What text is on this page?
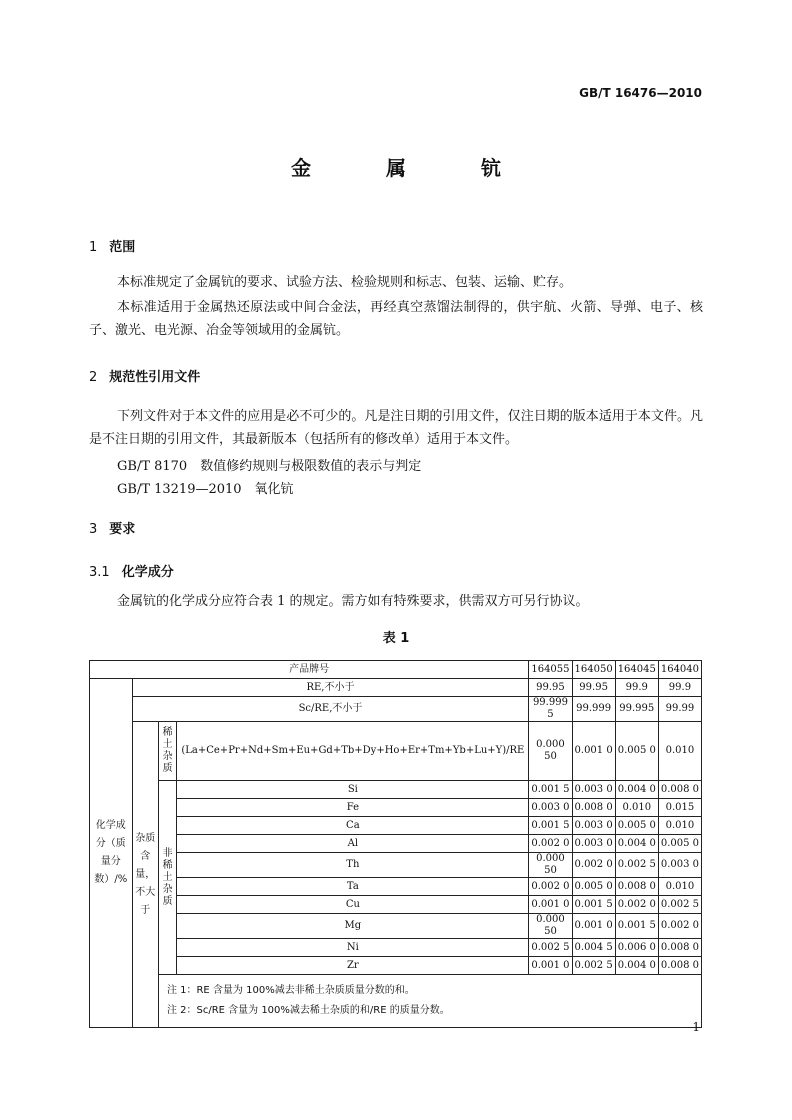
GB/T 16476—2010
金 属 钪
1 范围
本标准规定了金属钪的要求、试验方法、检验规则和标志、包装、运输、贮存。
本标准适用于金属热还原法或中间合金法，再经真空蒸馏法制得的，供宇航、火箭、导弹、电子、核子、激光、电光源、冶金等领域用的金属钪。
2 规范性引用文件
下列文件对于本文件的应用是必不可少的。凡是注日期的引用文件，仅注日期的版本适用于本文件。凡是不注日期的引用文件，其最新版本（包括所有的修改单）适用于本文件。
GB/T 8170　数值修约规则与极限数值的表示与判定
GB/T 13219—2010　氧化钪
3 要求
3.1 化学成分
金属钪的化学成分应符合表 1 的规定。需方如有特殊要求，供需双方可另行协议。
表 1
产品牌号				164055	164050	164045	164040
化学成分（质量分数）/%	RE,不小于			99.95	99.95	99.9	99.9
	Sc/RE,不小于			99.999 5	99.999	99.995	99.99
	杂质含量，不大于	稀土杂质	(La+Ce+Pr+Nd+Sm+Eu+Gd+Tb+Dy+Ho+Er+Tm+Yb+Lu+Y)/RE	0.000 50	0.001 0	0.005 0	0.010
		非稀土杂质	Si	0.001 5	0.003 0	0.004 0	0.008 0
			Fe	0.003 0	0.008 0	0.010	0.015
			Ca	0.001 5	0.003 0	0.005 0	0.010
			Al	0.002 0	0.003 0	0.004 0	0.005 0
			Th	0.000 50	0.002 0	0.002 5	0.003 0
			Ta	0.002 0	0.005 0	0.008 0	0.010
			Cu	0.001 0	0.001 5	0.002 0	0.002 5
			Mg	0.000 50	0.001 0	0.001 5	0.002 0
			Ni	0.002 5	0.004 5	0.006 0	0.008 0
			Zr	0.001 0	0.002 5	0.004 0	0.008 0

		注 1：RE 含量为 100%减去非稀土杂质质量分数的和。
注 2：Sc/RE 含量为 100%减去稀土杂质的和/RE 的质量分数。					
1
